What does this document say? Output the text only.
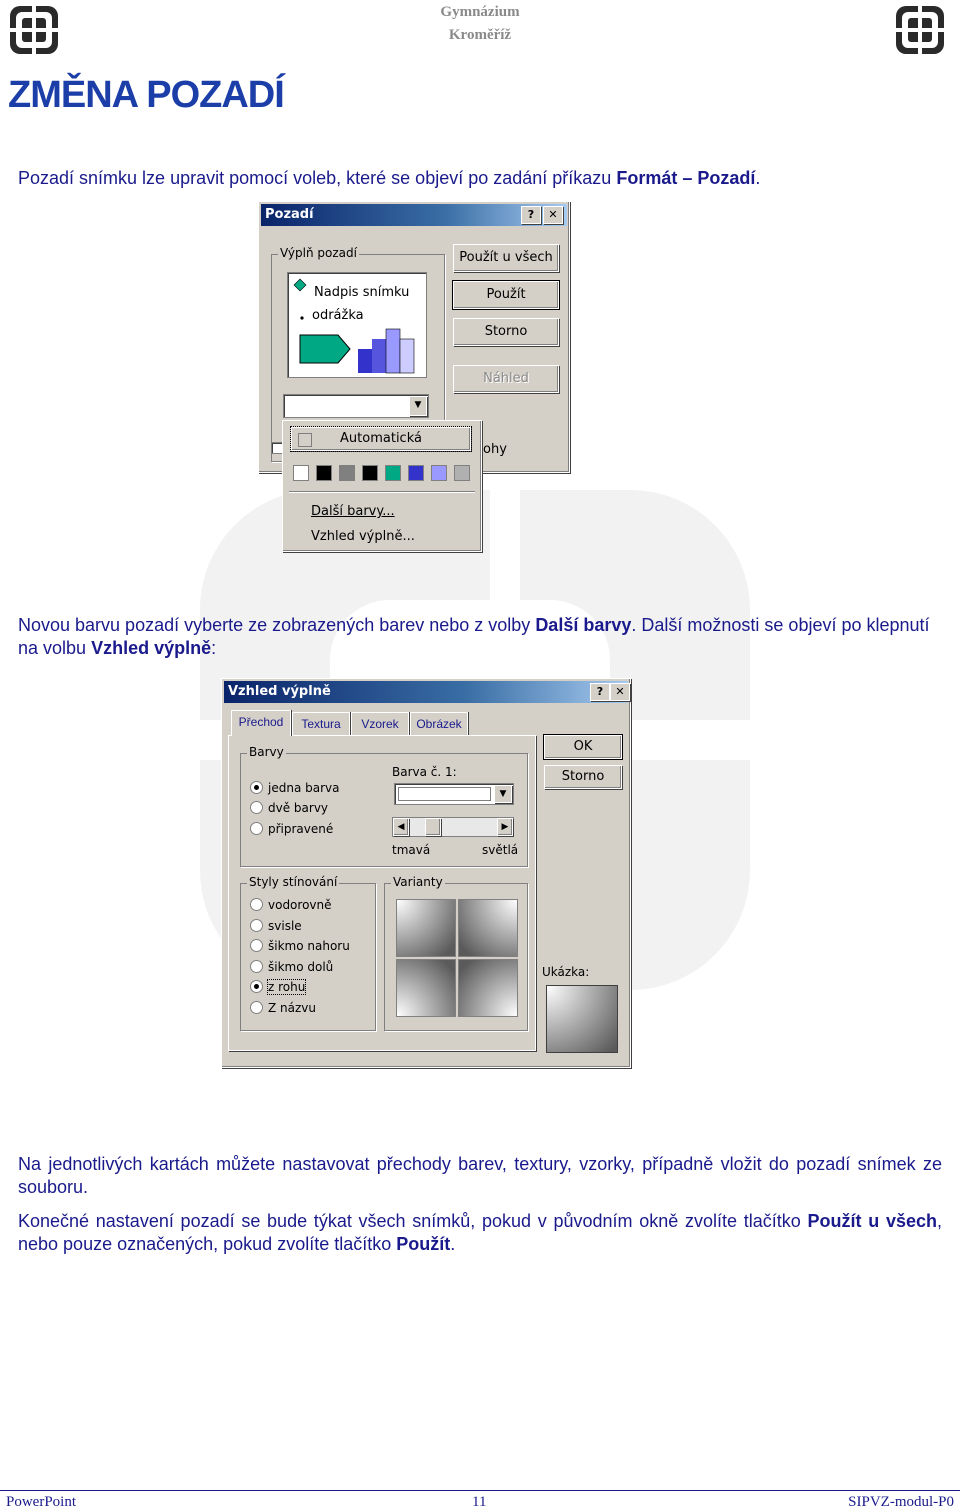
Gymnázium
Kroměříž
ZMĚNA POZADÍ
Pozadí snímku lze upravit pomocí voleb, které se objeví po zadání příkazu Formát – Pozadí.
Pozadí	?	✕
Výplň pozadí
Nadpis snímku
odrážka
▼
ohy
Použít u všech
Použít
Storno
Náhled
Automatická
Další barvy...
Vzhled výplně...
Novou barvu pozadí vyberte ze zobrazených barev nebo z volby Další barvy. Další možnosti se objeví po klepnutí na volbu Vzhled výplně:
Vzhled výplně	?	✕
Barvy
jedna barva
dvě barvy
připravené
Barva č. 1:
▼
◀	▶
tmavá	světlá
Styly stínování
vodorovně
svisle
šikmo nahoru
šikmo dolů
z rohu
Z názvu
Varianty
OK
Storno
Ukázka:
Přechod	Textura	Vzorek	Obrázek
Na jednotlivých kartách můžete nastavovat přechody barev, textury, vzorky, případně vložit do pozadí snímek ze souboru.
Konečné nastavení pozadí se bude týkat všech snímků, pokud v původním okně zvolíte tlačítko Použít u všech, nebo pouze označených, pokud zvolíte tlačítko Použít.
PowerPoint	11	SIPVZ-modul-P0
